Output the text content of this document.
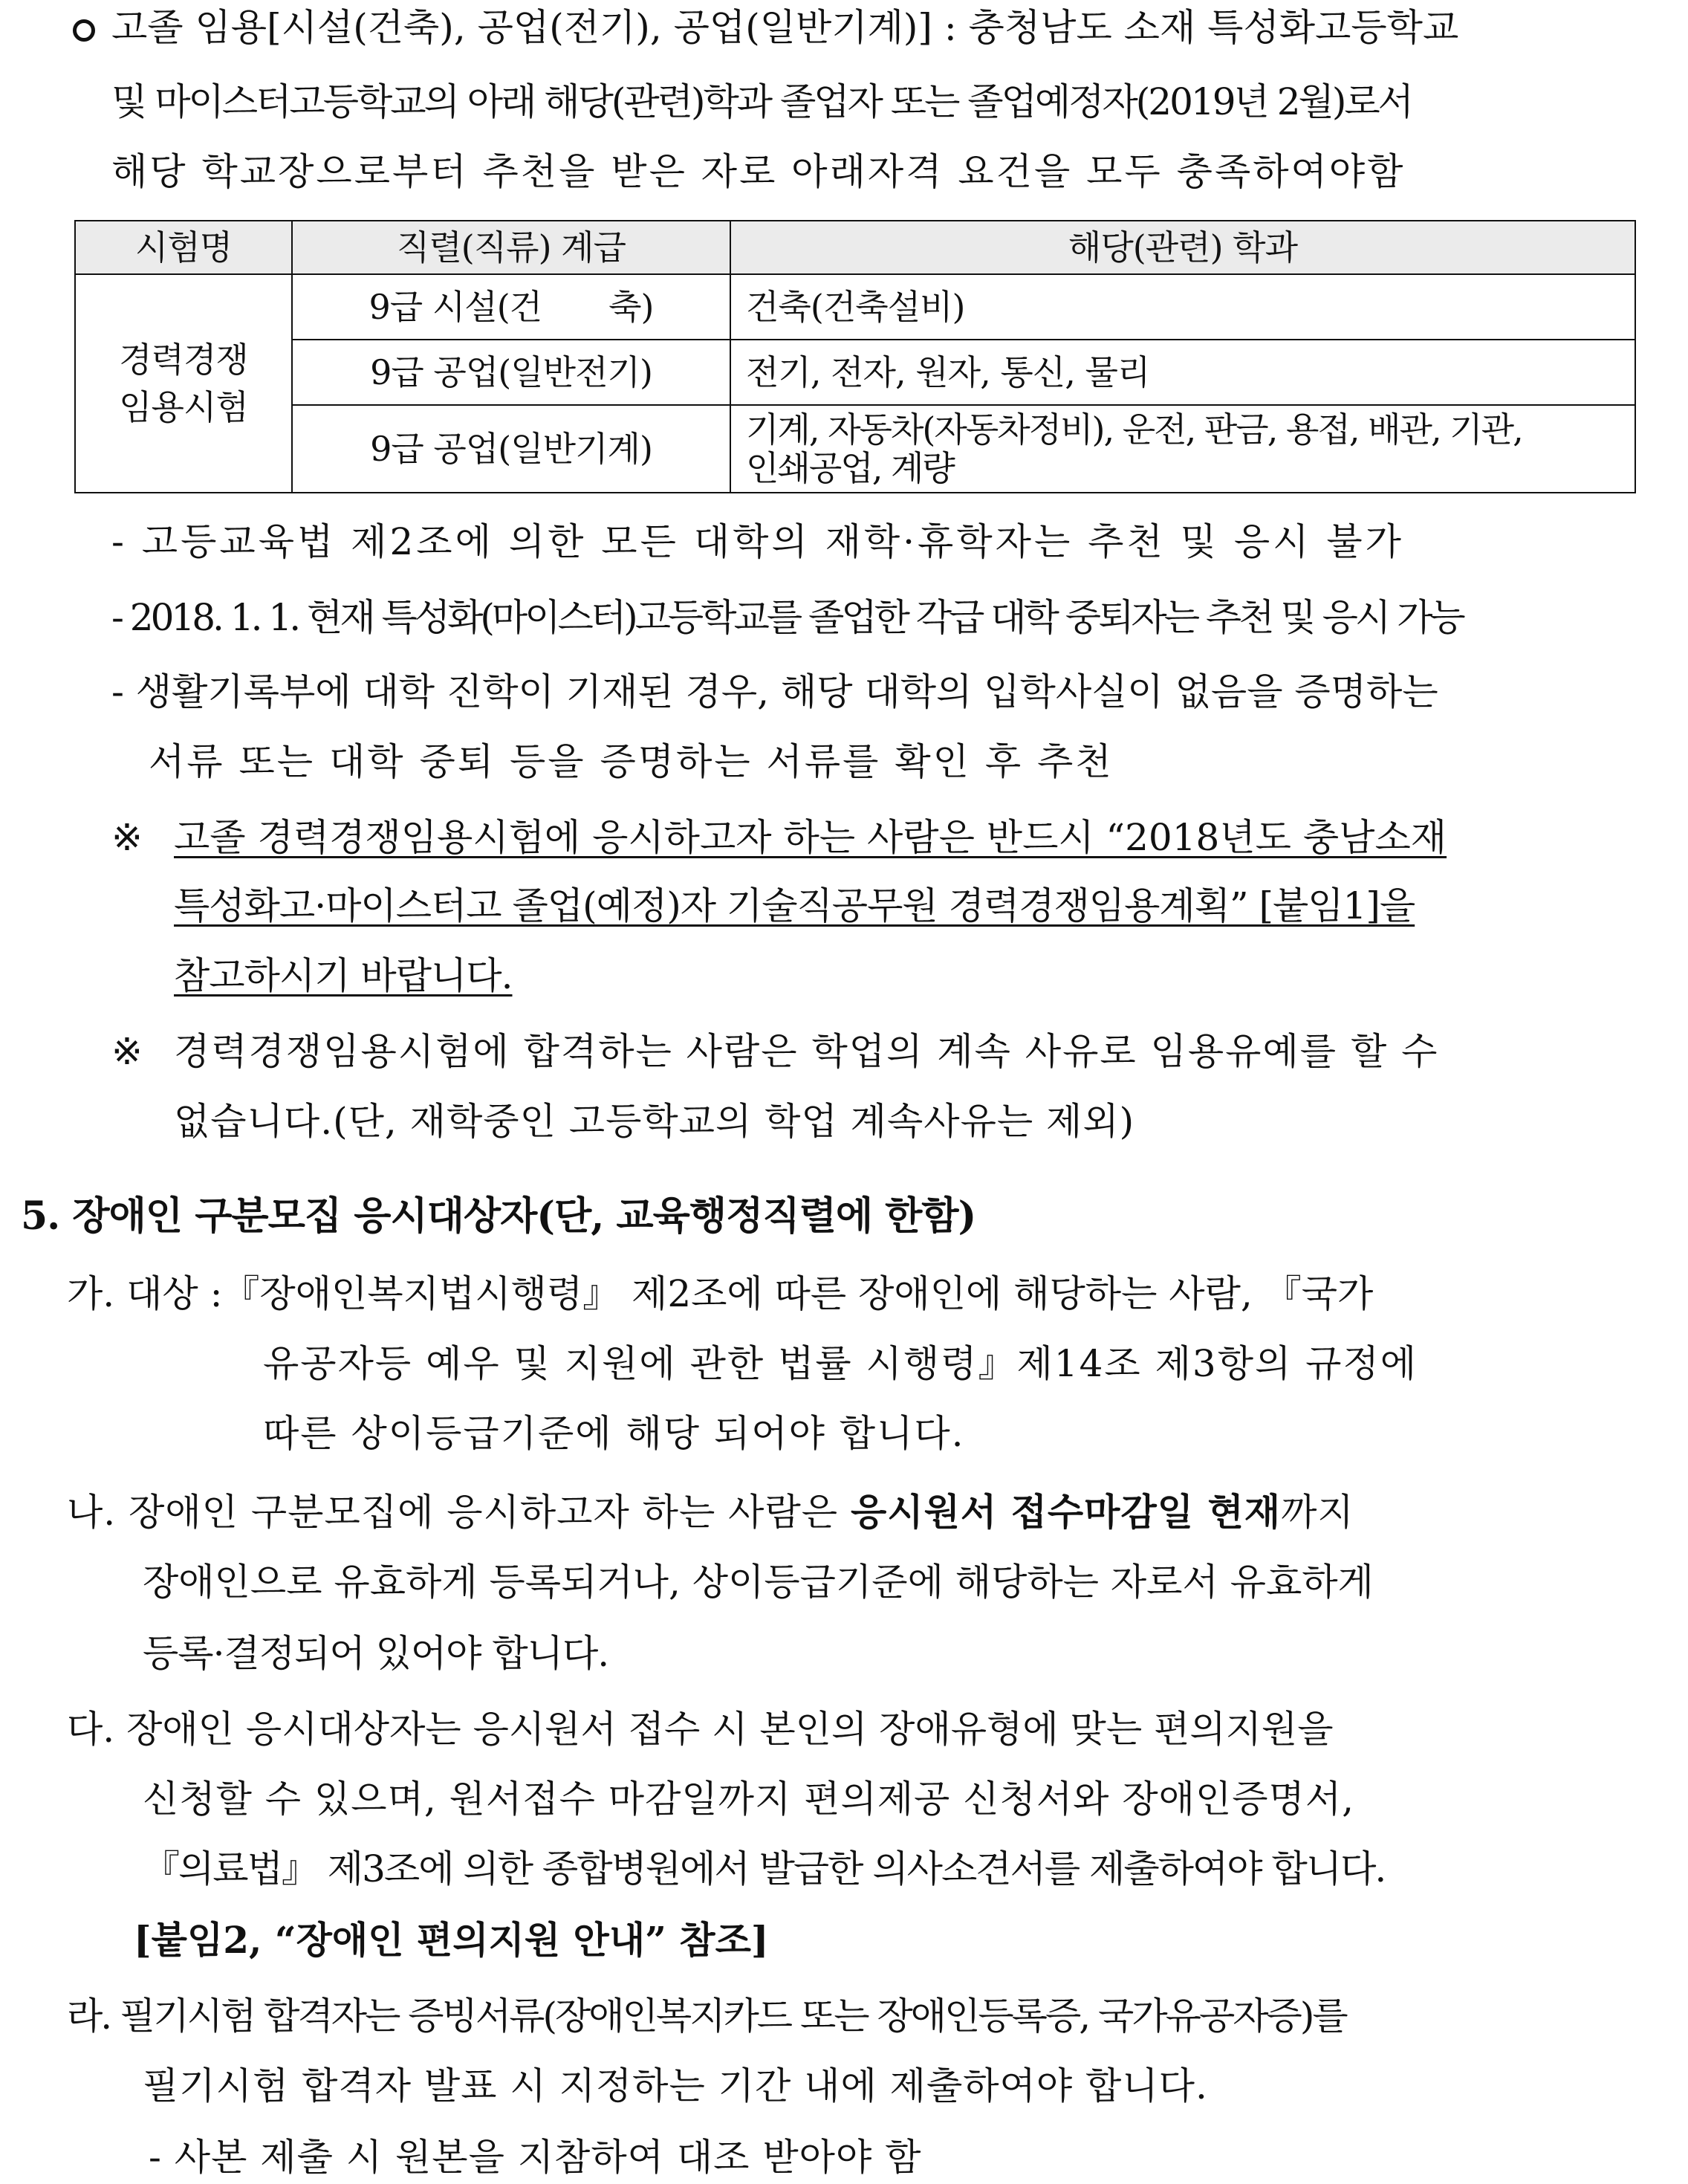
고졸 임용[시설(건축), 공업(전기), 공업(일반기계)] : 충청남도 소재 특성화고등학교
및 마이스터고등학교의 아래 해당(관련)학과 졸업자 또는 졸업예정자(2019년 2월)로서
해당 학교장으로부터 추천을 받은 자로 아래자격 요건을 모두 충족하여야함
시험명	직렬(직류) 계급	해당(관련) 학과
경력경쟁
임용시험	9급 시설(건　　축)	건축(건축설비)
	9급 공업(일반전기)	전기, 전자, 원자, 통신, 물리
	9급 공업(일반기계)	기계, 자동차(자동차정비), 운전, 판금, 용접, 배관, 기관,
인쇄공업, 계량
- 고등교육법 제2조에 의한 모든 대학의 재학·휴학자는 추천 및 응시 불가
- 2018. 1. 1. 현재 특성화(마이스터)고등학교를 졸업한 각급 대학 중퇴자는 추천 및 응시 가능
- 생활기록부에 대학 진학이 기재된 경우, 해당 대학의 입학사실이 없음을 증명하는
서류 또는 대학 중퇴 등을 증명하는 서류를 확인 후 추천
※ 고졸 경력경쟁임용시험에 응시하고자 하는 사람은 반드시 “2018년도 충남소재
특성화고·마이스터고 졸업(예정)자 기술직공무원 경력경쟁임용계획” [붙임1]을
참고하시기 바랍니다.
※ 경력경쟁임용시험에 합격하는 사람은 학업의 계속 사유로 임용유예를 할 수
없습니다.(단, 재학중인 고등학교의 학업 계속사유는 제외)
5. 장애인 구분모집 응시대상자(단, 교육행정직렬에 한함)
가. 대상 :『장애인복지법시행령』 제2조에 따른 장애인에 해당하는 사람, 『국가
유공자등 예우 및 지원에 관한 법률 시행령』제14조 제3항의 규정에
따른 상이등급기준에 해당 되어야 합니다.
나. 장애인 구분모집에 응시하고자 하는 사람은 응시원서 접수마감일 현재까지
장애인으로 유효하게 등록되거나, 상이등급기준에 해당하는 자로서 유효하게
등록·결정되어 있어야 합니다.
다. 장애인 응시대상자는 응시원서 접수 시 본인의 장애유형에 맞는 편의지원을
신청할 수 있으며, 원서접수 마감일까지 편의제공 신청서와 장애인증명서,
『의료법』 제3조에 의한 종합병원에서 발급한 의사소견서를 제출하여야 합니다.
[붙임2, “장애인 편의지원 안내” 참조]
라. 필기시험 합격자는 증빙서류(장애인복지카드 또는 장애인등록증, 국가유공자증)를
필기시험 합격자 발표 시 지정하는 기간 내에 제출하여야 합니다.
- 사본 제출 시 원본을 지참하여 대조 받아야 함
